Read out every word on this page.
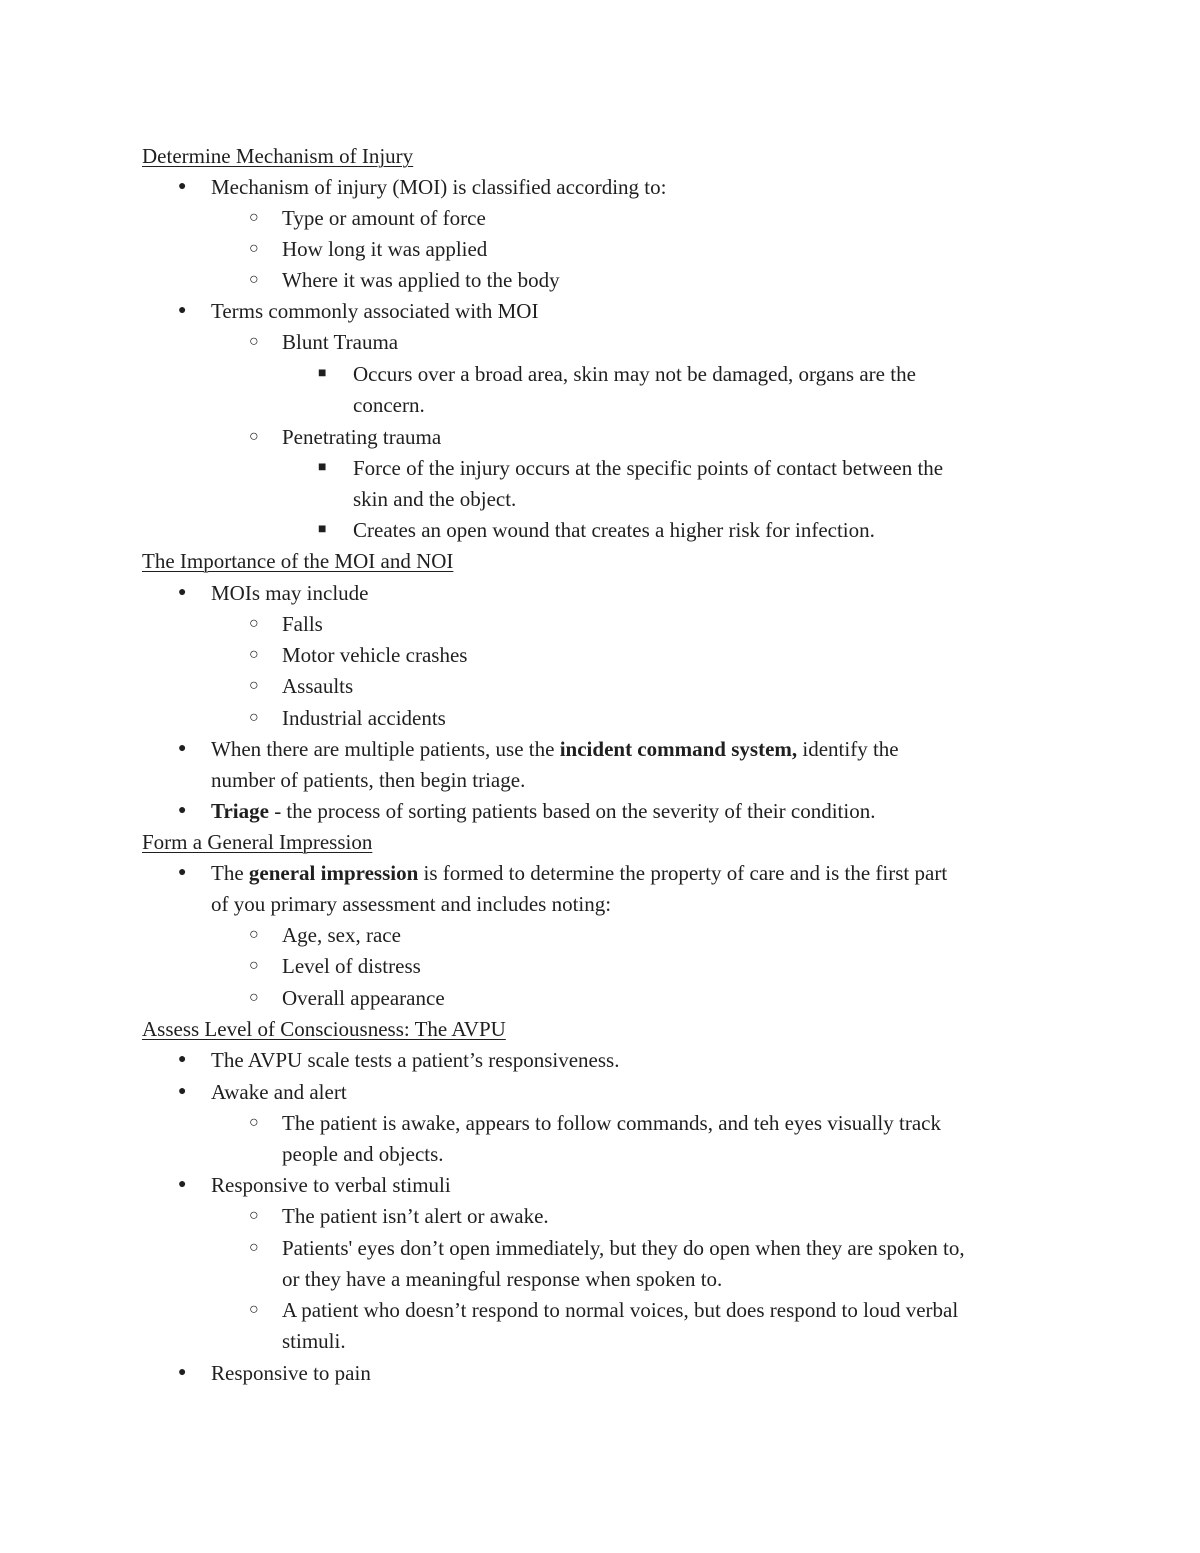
Determine Mechanism of Injury
● Mechanism of injury (MOI) is classified according to:
○ Type or amount of force
○ How long it was applied
○ Where it was applied to the body
● Terms commonly associated with MOI
○ Blunt Trauma
■ Occurs over a broad area, skin may not be damaged, organs are the
concern.
○ Penetrating trauma
■ Force of the injury occurs at the specific points of contact between the
skin and the object.
■ Creates an open wound that creates a higher risk for infection.
The Importance of the MOI and NOI
● MOIs may include
○ Falls
○ Motor vehicle crashes
○ Assaults
○ Industrial accidents
● When there are multiple patients, use the incident command system, identify the
number of patients, then begin triage.
● Triage - the process of sorting patients based on the severity of their condition.
Form a General Impression
● The general impression is formed to determine the property of care and is the first part
of you primary assessment and includes noting:
○ Age, sex, race
○ Level of distress
○ Overall appearance
Assess Level of Consciousness: The AVPU
● The AVPU scale tests a patient’s responsiveness.
● Awake and alert
○ The patient is awake, appears to follow commands, and teh eyes visually track
people and objects.
● Responsive to verbal stimuli
○ The patient isn’t alert or awake.
○ Patients' eyes don’t open immediately, but they do open when they are spoken to,
or they have a meaningful response when spoken to.
○ A patient who doesn’t respond to normal voices, but does respond to loud verbal
stimuli.
● Responsive to pain
